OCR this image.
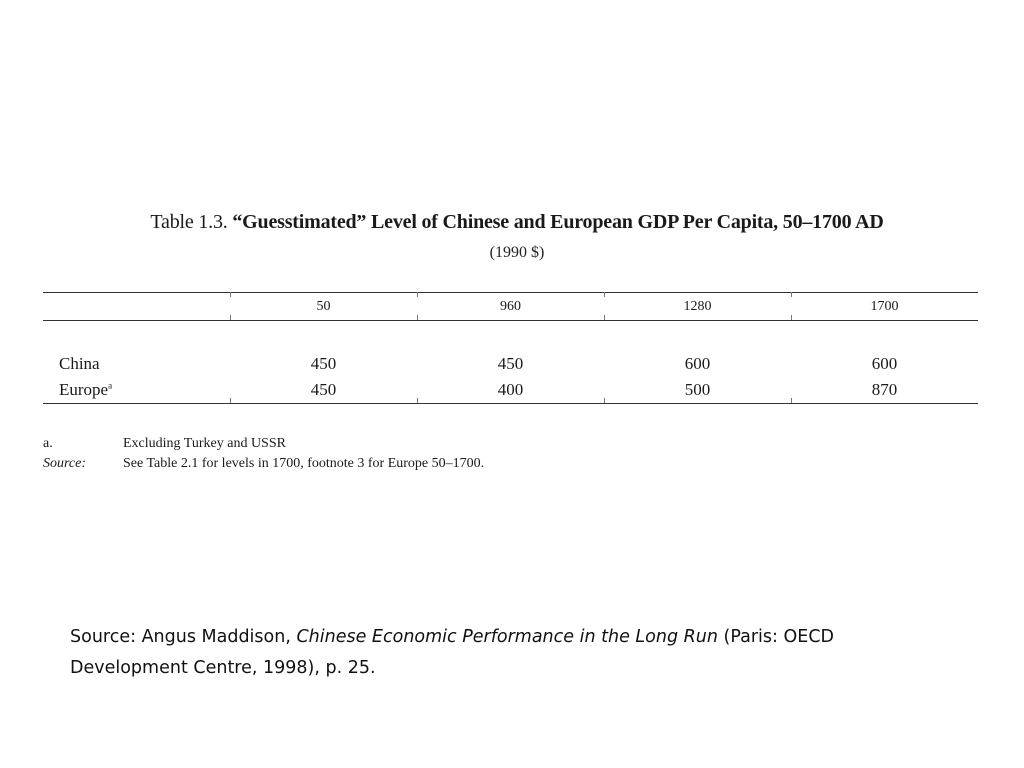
Table 1.3. “Guesstimated” Level of Chinese and European GDP Per Capita, 50–1700 AD
(1990 $)
	50	960	1280	1700

China	450	450	600	600
Europe$^a$	450	400	500	870
a.	Excluding Turkey and USSR
Source:	See Table 2.1 for levels in 1700, footnote 3 for Europe 50–1700.
Source: Angus Maddison, Chinese Economic Performance in the Long Run (Paris: OECD Development Centre, 1998), p. 25.
